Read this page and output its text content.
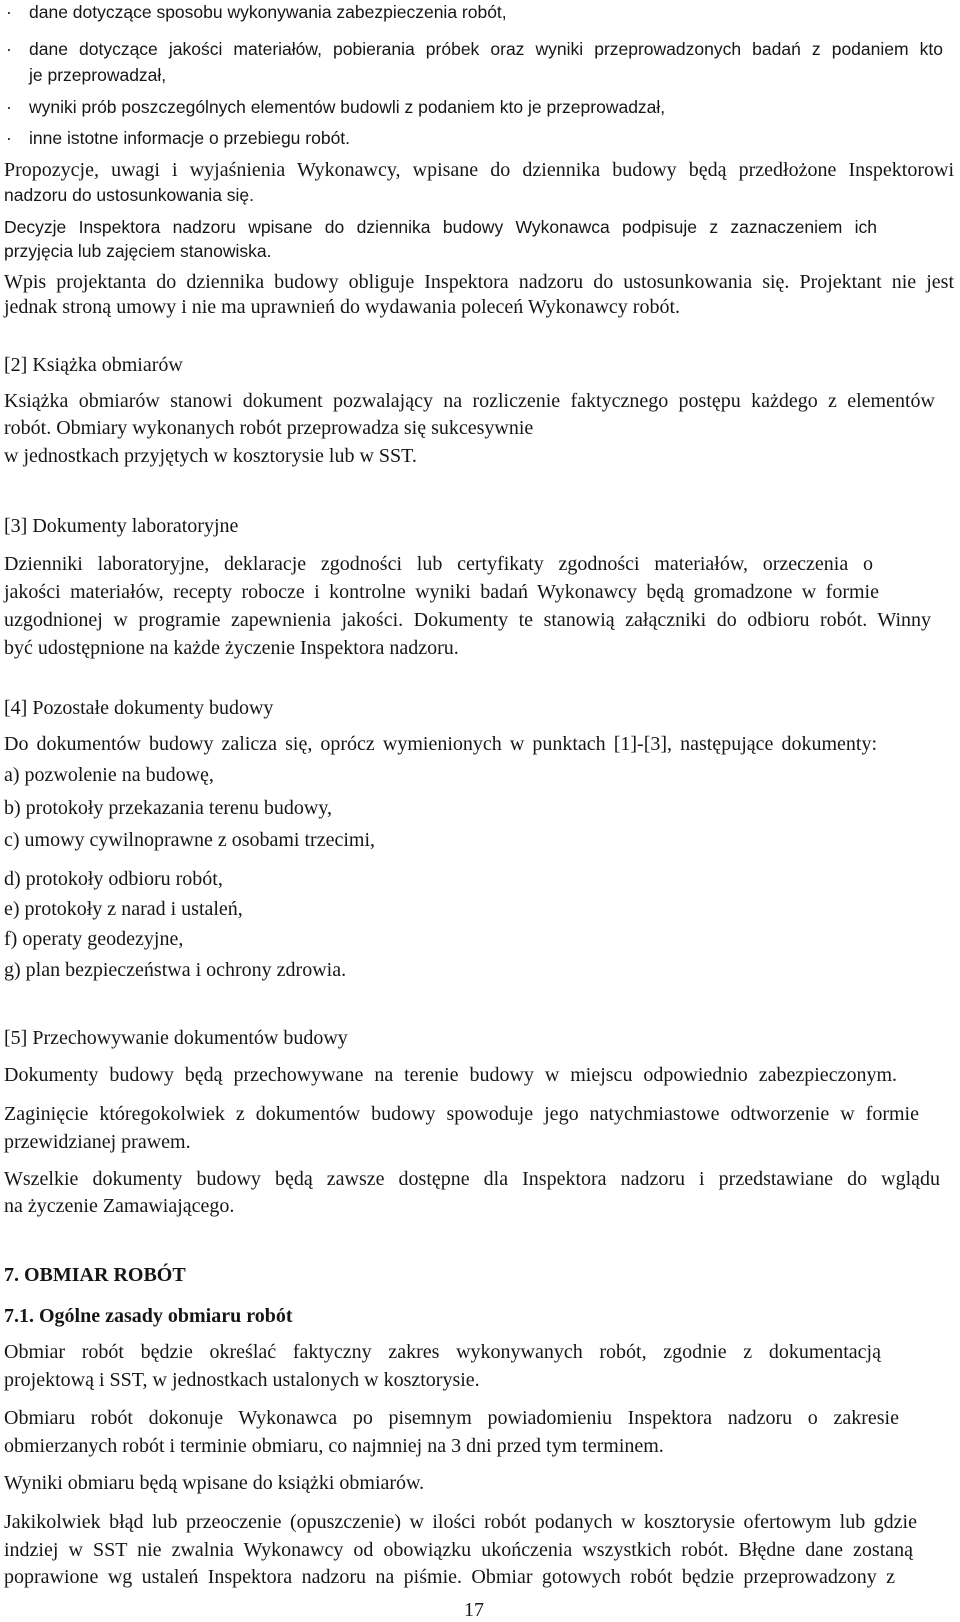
· dane dotyczące sposobu wykonywania zabezpieczenia robót,
· dane dotyczące jakości materiałów, pobierania próbek oraz wyniki przeprowadzonych badań z podaniem kto
je przeprowadzał,
· wyniki prób poszczególnych elementów budowli z podaniem kto je przeprowadzał,
· inne istotne informacje o przebiegu robót.
Propozycje, uwagi i wyjaśnienia Wykonawcy, wpisane do dziennika budowy będą przedłożone Inspektorowi
nadzoru do ustosunkowania się.
Decyzje Inspektora nadzoru wpisane do dziennika budowy Wykonawca podpisuje z zaznaczeniem ich
przyjęcia lub zajęciem stanowiska.
Wpis projektanta do dziennika budowy obliguje Inspektora nadzoru do ustosunkowania się. Projektant nie jest
jednak stroną umowy i nie ma uprawnień do wydawania poleceń Wykonawcy robót.
[2] Książka obmiarów
Książka obmiarów stanowi dokument pozwalający na rozliczenie faktycznego postępu każdego z elementów
robót. Obmiary wykonanych robót przeprowadza się sukcesywnie
w jednostkach przyjętych w kosztorysie lub w SST.
[3] Dokumenty laboratoryjne
Dzienniki laboratoryjne, deklaracje zgodności lub certyfikaty zgodności materiałów, orzeczenia o
jakości materiałów, recepty robocze i kontrolne wyniki badań Wykonawcy będą gromadzone w formie
uzgodnionej w programie zapewnienia jakości. Dokumenty te stanowią załączniki do odbioru robót. Winny
być udostępnione na każde życzenie Inspektora nadzoru.
[4] Pozostałe dokumenty budowy
Do dokumentów budowy zalicza się, oprócz wymienionych w punktach [1]-[3], następujące dokumenty:
a) pozwolenie na budowę,
b) protokoły przekazania terenu budowy,
c) umowy cywilnoprawne z osobami trzecimi,
d) protokoły odbioru robót,
e) protokoły z narad i ustaleń,
f) operaty geodezyjne,
g) plan bezpieczeństwa i ochrony zdrowia.
[5] Przechowywanie dokumentów budowy
Dokumenty budowy będą przechowywane na terenie budowy w miejscu odpowiednio zabezpieczonym.
Zaginięcie któregokolwiek z dokumentów budowy spowoduje jego natychmiastowe odtworzenie w formie
przewidzianej prawem.
Wszelkie dokumenty budowy będą zawsze dostępne dla Inspektora nadzoru i przedstawiane do wglądu
na życzenie Zamawiającego.
7. OBMIAR ROBÓT
7.1. Ogólne zasady obmiaru robót
Obmiar robót będzie określać faktyczny zakres wykonywanych robót, zgodnie z dokumentacją
projektową i SST, w jednostkach ustalonych w kosztorysie.
Obmiaru robót dokonuje Wykonawca po pisemnym powiadomieniu Inspektora nadzoru o zakresie
obmierzanych robót i terminie obmiaru, co najmniej na 3 dni przed tym terminem.
Wyniki obmiaru będą wpisane do książki obmiarów.
Jakikolwiek błąd lub przeoczenie (opuszczenie) w ilości robót podanych w kosztorysie ofertowym lub gdzie
indziej w SST nie zwalnia Wykonawcy od obowiązku ukończenia wszystkich robót. Błędne dane zostaną
poprawione wg ustaleń Inspektora nadzoru na piśmie. Obmiar gotowych robót będzie przeprowadzony z
17
